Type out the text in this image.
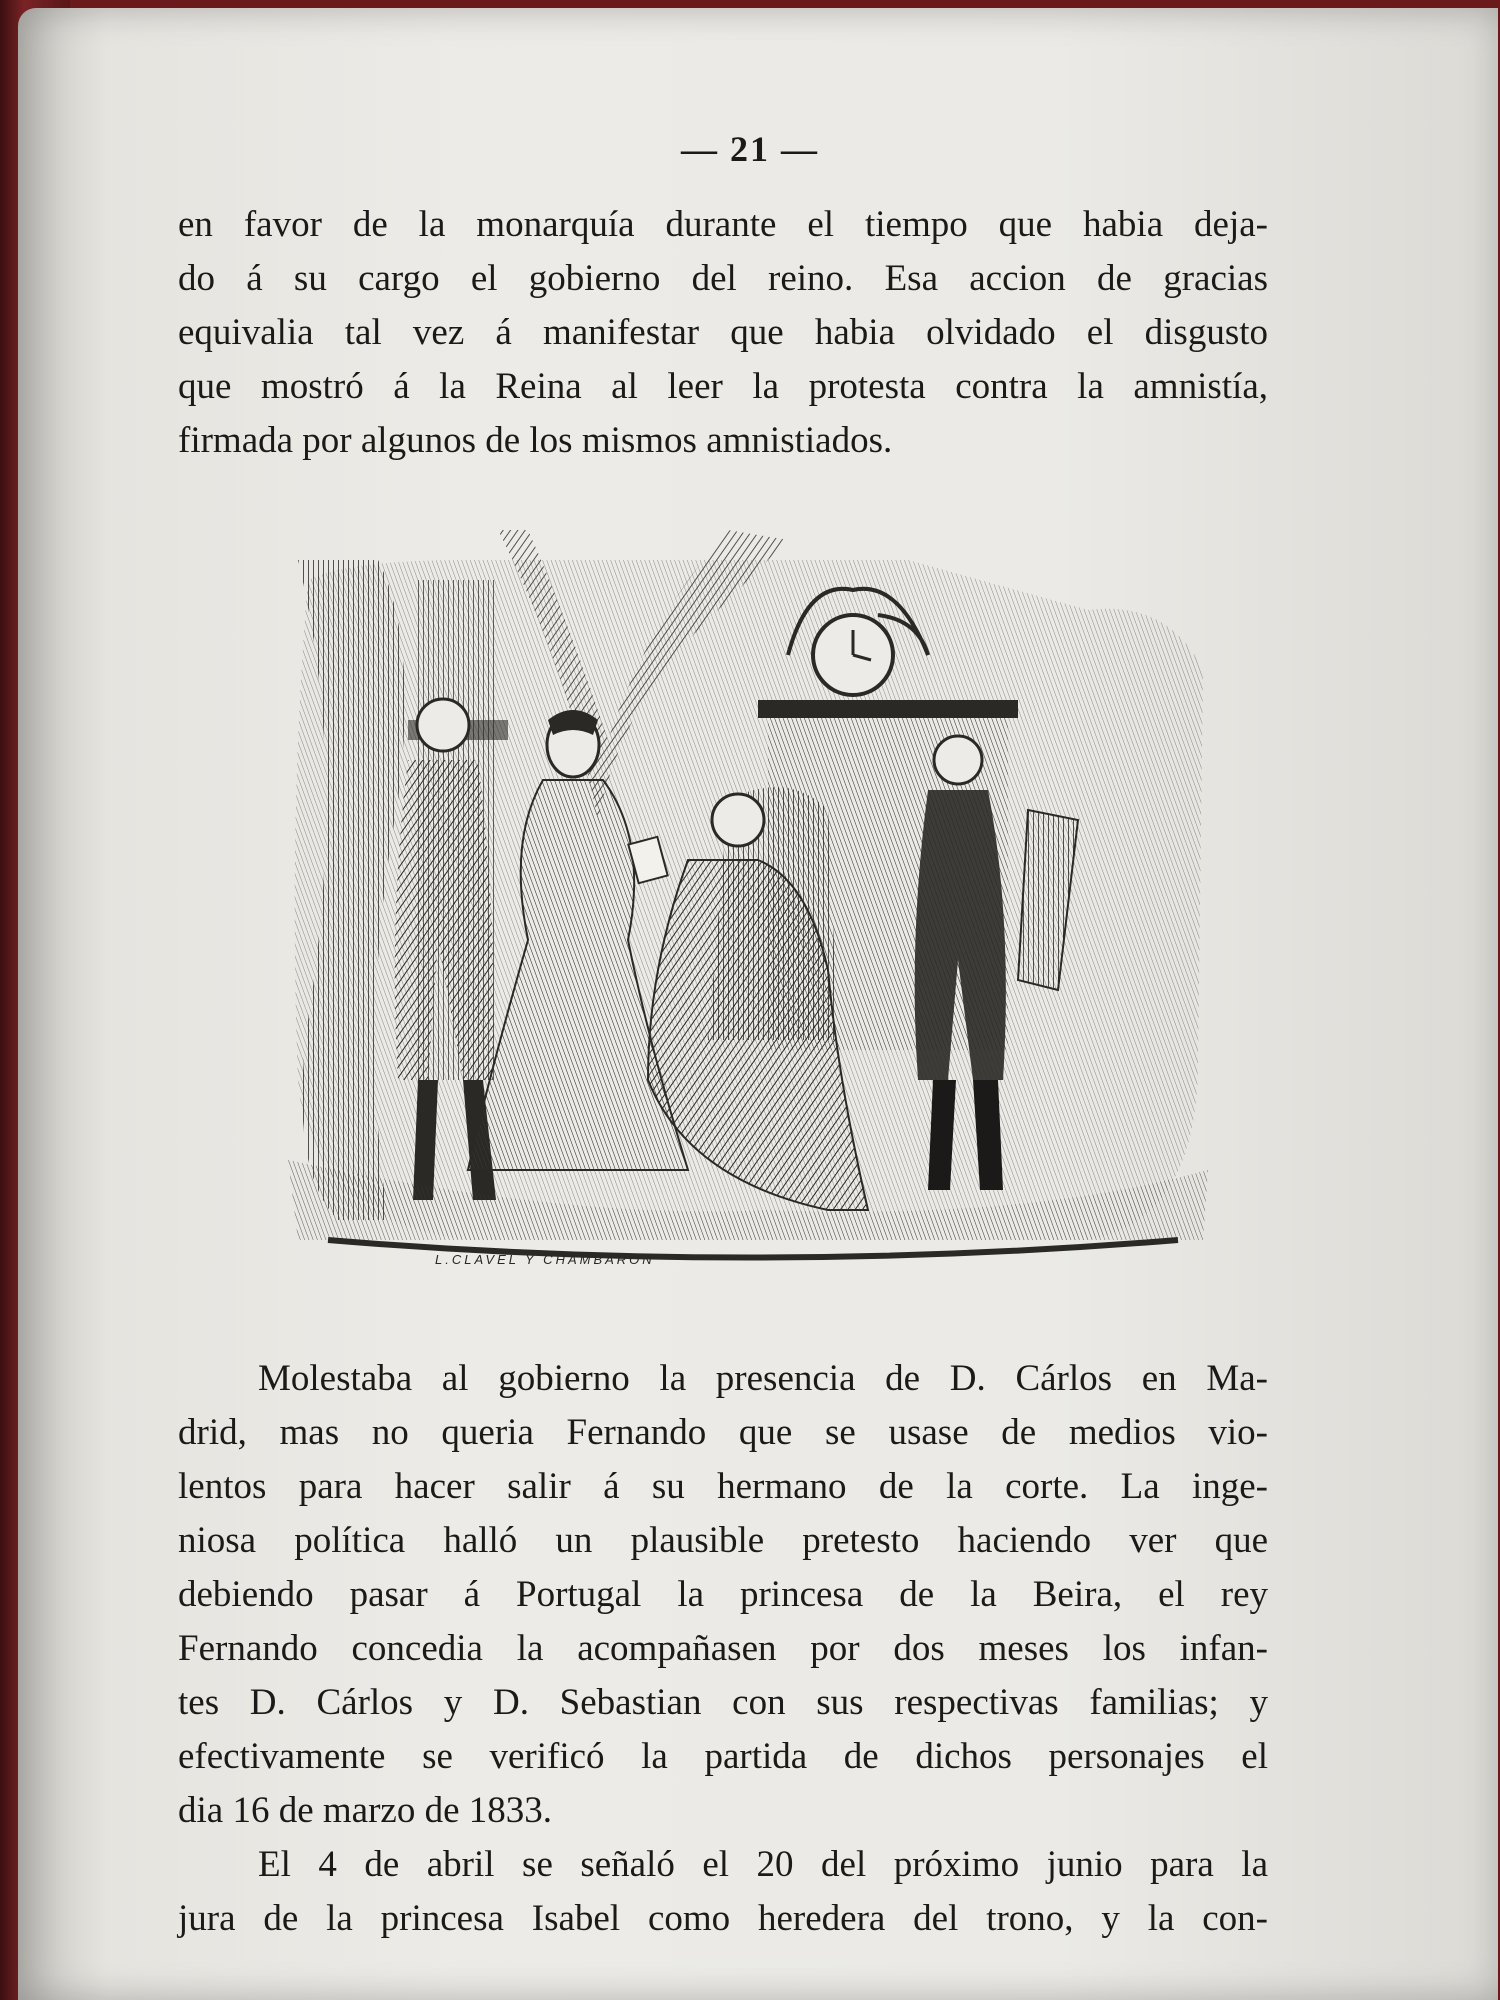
— 21 —
en favor de la monarquía durante el tiempo que habia deja-
do á su cargo el gobierno del reino. Esa accion de gracias
equivalia tal vez á manifestar que habia olvidado el disgusto
que mostró á la Reina al leer la protesta contra la amnistía,
firmada por algunos de los mismos amnistiados.
L.CLAVEL Y CHAMBARON
Molestaba al gobierno la presencia de D. Cárlos en Ma-
drid, mas no queria Fernando que se usase de medios vio-
lentos para hacer salir á su hermano de la corte. La inge-
niosa política halló un plausible pretesto haciendo ver que
debiendo pasar á Portugal la princesa de la Beira, el rey
Fernando concedia la acompañasen por dos meses los infan-
tes D. Cárlos y D. Sebastian con sus respectivas familias; y
efectivamente se verificó la partida de dichos personajes el
dia 16 de marzo de 1833.
El 4 de abril se señaló el 20 del próximo junio para la
jura de la princesa Isabel como heredera del trono, y la con-
